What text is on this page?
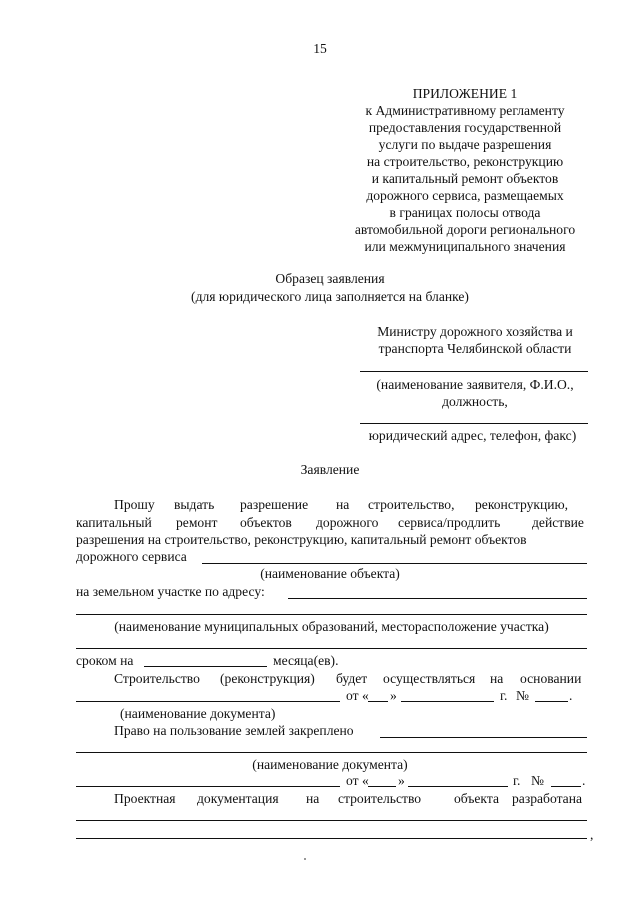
15
ПРИЛОЖЕНИЕ 1
к Административному регламенту
предоставления государственной
услуги по выдаче разрешения
на строительство, реконструкцию
и капитальный ремонт объектов
дорожного сервиса, размещаемых
в границах полосы отвода
автомобильной дороги регионального
или межмуниципального значения
Образец заявления
(для юридического лица заполняется на бланке)
Министру дорожного хозяйства и
транспорта Челябинской области
(наименование заявителя, Ф.И.О.,
должность,
юридический адрес, телефон, факс)
Заявление
Прошу выдать разрешение на строительство, реконструкцию,
капитальный ремонт объектов дорожного сервиса/продлить действие
разрешения на строительство, реконструкцию, капитальный ремонт объектов
дорожного сервиса
(наименование объекта)
на земельном участке по адресу:
(наименование муниципальных образований, месторасположение участка)
сроком на	месяца(ев).
Строительство (реконструкция) будет осуществляться на основании
от « »	г. №	.
(наименование документа)
Право на пользование землей закреплено
(наименование документа)
от « »	г. №	.
Проектная документация на строительство объекта разработана
,
